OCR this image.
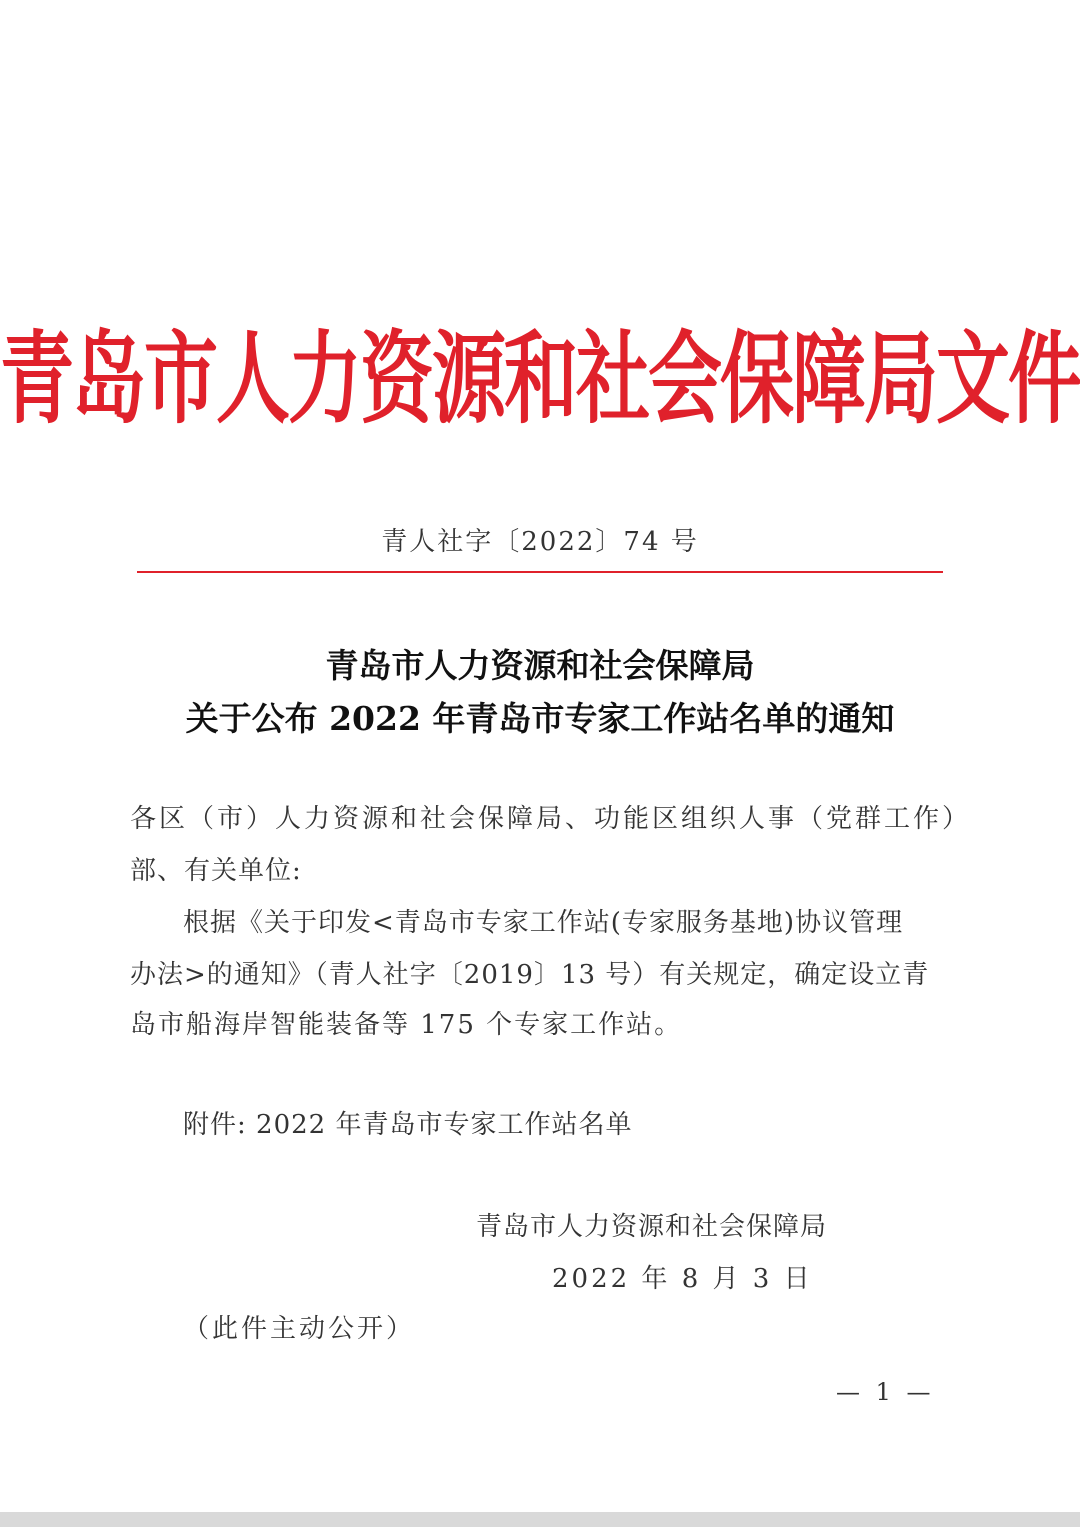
青岛市人力资源和社会保障局文件
青人社字〔2022〕74 号
青岛市人力资源和社会保障局
关于公布 2022 年青岛市专家工作站名单的通知
各区（市）人力资源和社会保障局、功能区组织人事（党群工作）
部、有关单位:
根据《关于印发<青岛市专家工作站(专家服务基地)协议管理
办法>的通知》（青人社字〔2019〕13 号）有关规定，确定设立青
岛市船海岸智能装备等 175 个专家工作站。
附件: 2022 年青岛市专家工作站名单
青岛市人力资源和社会保障局
2022 年 8 月 3 日
（此件主动公开）
— 1 —
